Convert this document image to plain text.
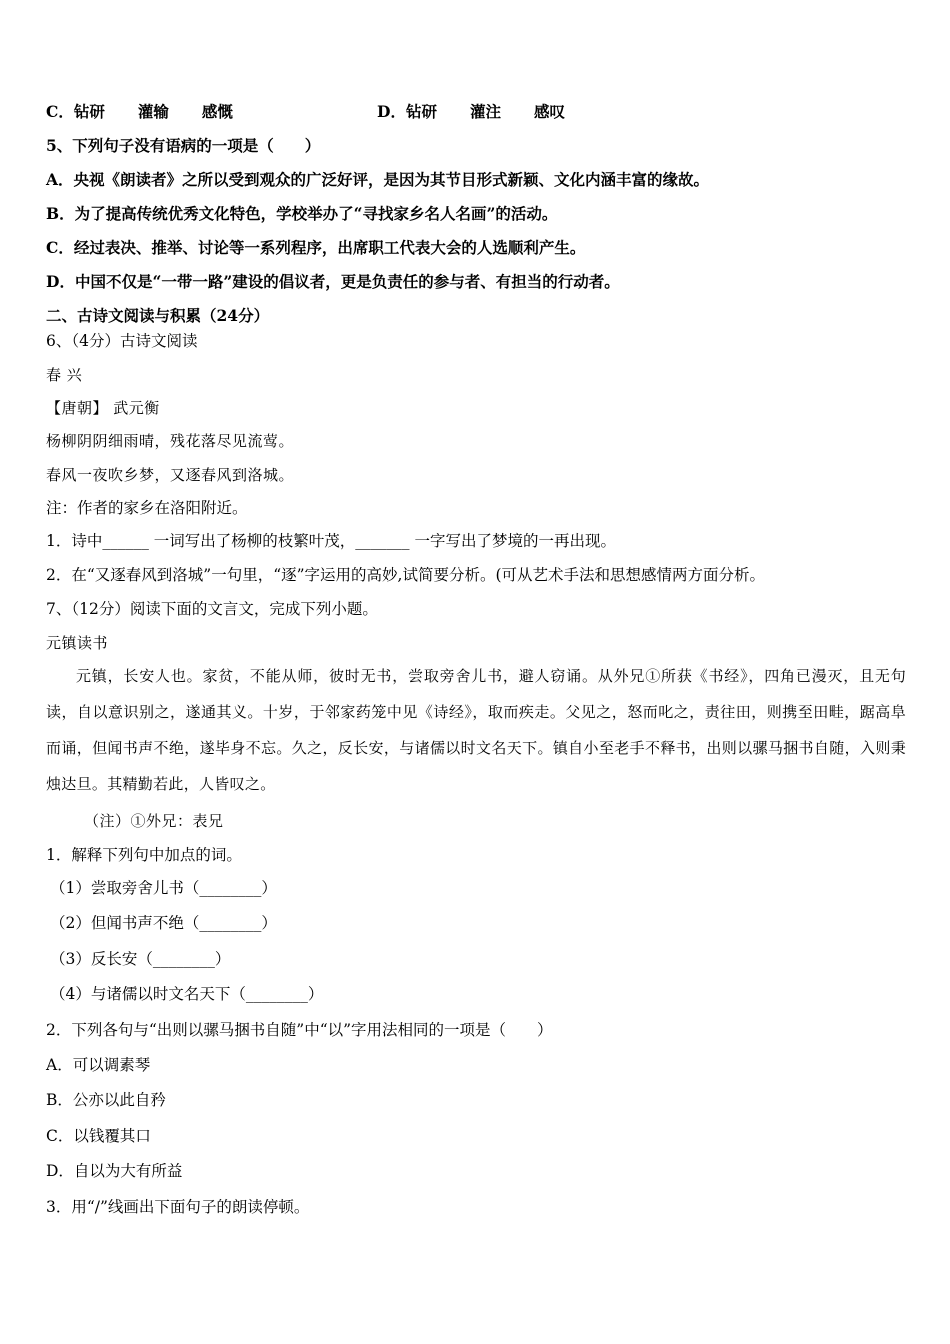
C．钻研 灌输 感慨	D．钻研 灌注 感叹
5、下列句子没有语病的一项是（　　）
A．央视《朗读者》之所以受到观众的广泛好评，是因为其节目形式新颖、文化内涵丰富的缘故。
B．为了提高传统优秀文化特色，学校举办了“寻找家乡名人名画”的活动。
C．经过表决、推举、讨论等一系列程序，出席职工代表大会的人选顺利产生。
D．中国不仅是“一带一路”建设的倡议者，更是负责任的参与者、有担当的行动者。
二、古诗文阅读与积累（24分）
6、（4分）古诗文阅读
春 兴
【唐朝】 武元衡
杨柳阴阴细雨晴，残花落尽见流莺。
春风一夜吹乡梦，又逐春风到洛城。
注：作者的家乡在洛阳附近。
1．诗中______ 一词写出了杨柳的枝繁叶茂，_______ 一字写出了梦境的一再出现。
2．在“又逐春风到洛城”一句里，“逐”字运用的高妙,试简要分析。(可从艺术手法和思想感情两方面分析。
7、（12分）阅读下面的文言文，完成下列小题。
元镇读书
元镇，长安人也。家贫，不能从师，彼时无书，尝取旁舍儿书，避人窃诵。从外兄①所获《书经》，四角已漫灭，且无句读，自以意识别之，遂通其义。十岁，于邻家药笼中见《诗经》，取而疾走。父见之，怒而叱之，责往田，则携至田畦，踞高阜而诵，但闻书声不绝，遂毕身不忘。久之，反长安，与诸儒以时文名天下。镇自小至老手不释书，出则以骡马捆书自随，入则秉烛达旦。其精勤若此，人皆叹之。
（注）①外兄：表兄
1．解释下列句中加点的词。
（1）尝取旁舍儿书（________）
（2）但闻书声不绝（________）
（3）反长安（________）
（4）与诸儒以时文名天下（________）
2．下列各句与“出则以骡马捆书自随”中“以”字用法相同的一项是（　　）
A．可以调素琴
B．公亦以此自矜
C．以钱覆其口
D．自以为大有所益
3．用“/”线画出下面句子的朗读停顿。
